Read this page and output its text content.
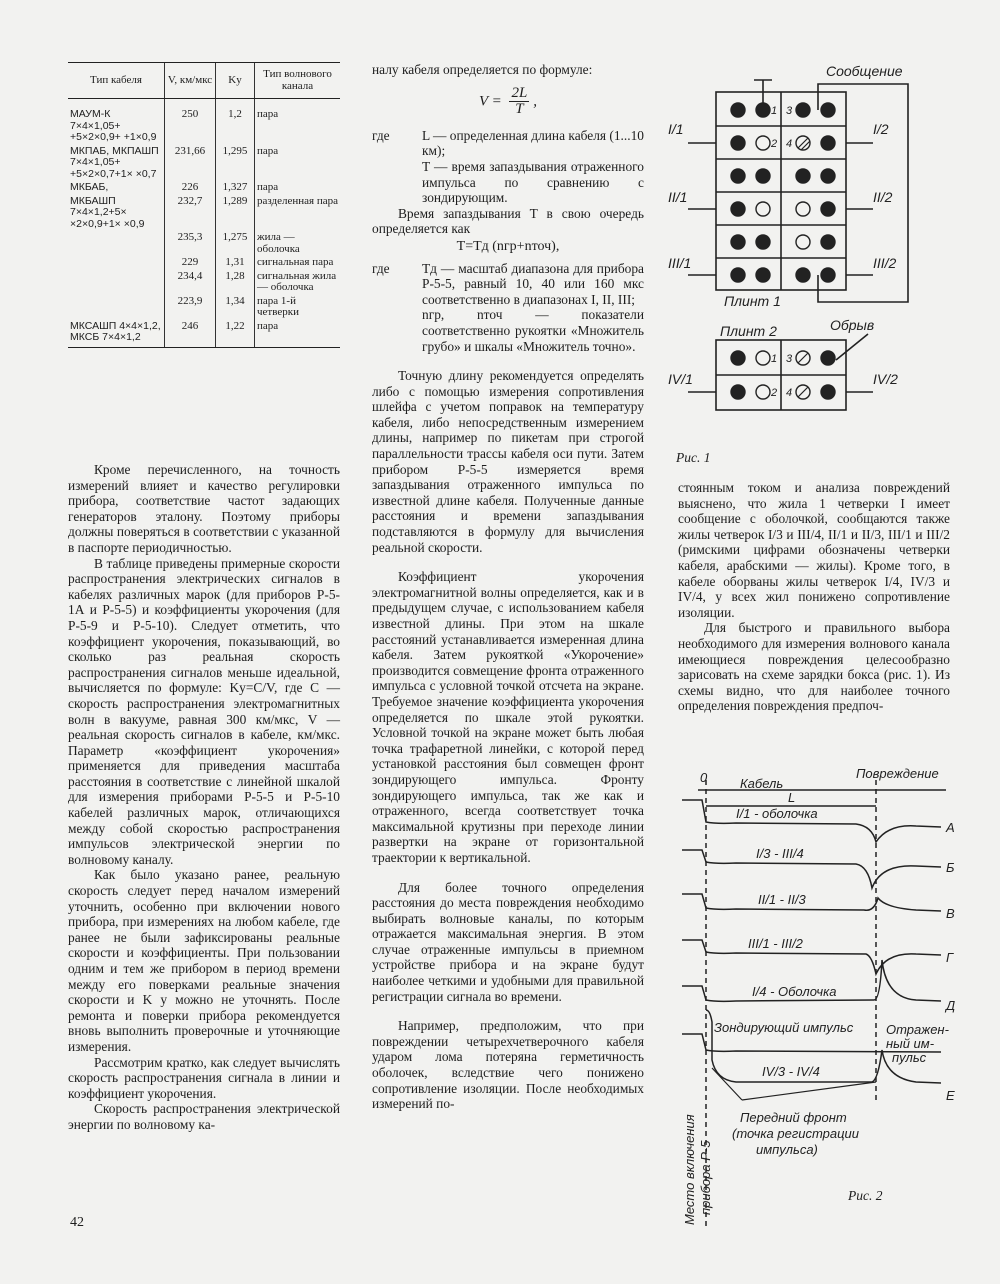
Тип кабеля	V, км/мкс	Kу	Тип волнового канала
МАУМ-К 7×4×1,05+ +5×2×0,9+ +1×0,9	250	1,2	пара
МКПАБ, МКПАШП 7×4×1,05+ +5×2×0,7+1× ×0,7	231,66	1,295	пара
МКБАБ,	226	1,327	пара
МКБАШП 7×4×1,2+5× ×2×0,9+1× ×0,9	232,7	1,289	разделенная пара
	235,3	1,275	жила — оболочка
	229	1,31	сигнальная пара
	234,4	1,28	сигнальная жила — оболочка
	223,9	1,34	пара 1-й четверки
МКСАШП 4×4×1,2, МКСБ 7×4×1,2	246	1,22	пара

Кроме перечисленного, на точность измерений влияет и качество регулировки прибора, соответствие частот задающих генераторов эталону. Поэтому приборы должны поверяться в соответствии с указанной в паспорте периодичностью.

В таблице приведены примерные скорости распространения электрических сигналов в кабелях различных марок (для приборов Р-5-1А и Р-5-5) и коэффициенты укорочения (для Р-5-9 и Р-5-10). Следует отметить, что коэффициент укорочения, показывающий, во сколько раз реальная скорость распространения сигналов меньше идеальной, вычисляется по формуле: Kу=C/V, где C — скорость распространения электромагнитных волн в вакууме, равная 300 км/мкс, V — реальная скорость сигналов в кабеле, км/мкс. Параметр «коэффициент укорочения» применяется для приведения масштаба расстояния в соответствие с линейной шкалой для измерения приборами Р-5-5 и Р-5-10 кабелей различных марок, отличающихся между собой скоростью распространения импульсов электрической энергии по волновому каналу.

Как было указано ранее, реальную скорость следует перед началом измерений уточнить, особенно при включении нового прибора, при измерениях на любом кабеле, где ранее не были зафиксированы реальные скорости и коэффициенты. При пользовании одним и тем же прибором в период времени между его поверками реальные значения скорости и K у можно не уточнять. После ремонта и поверки прибора рекомендуется вновь выполнить проверочные и уточняющие измерения.

Рассмотрим кратко, как следует вычислять скорость распространения сигнала в линии и коэффициент укорочения.

Скорость распространения электрической энергии по волновому ка-

42

налу кабеля определяется по формуле:

$V = \frac{2L}{T}$ ,

где L — определенная длина кабеля (1...10 км);

T — время запаздывания отраженного импульса по сравнению с зондирующим.

Время запаздывания T в свою очередь определяется как

T=Tд (nгр+nточ),

где Tд — масштаб диапазона для прибора Р-5-5, равный 10, 40 или 160 мкс соответственно в диапазонах I, II, III;

nгр, nточ — показатели соответственно рукоятки «Множитель грубо» и шкалы «Множитель точно».

Точную длину рекомендуется определять либо с помощью измерения сопротивления шлейфа с учетом поправок на температуру кабеля, либо непосредственным измерением длины, например по пикетам при строгой параллельности трассы кабеля оси пути. Затем прибором Р-5-5 измеряется время запаздывания отраженного импульса по известной длине кабеля. Полученные данные расстояния и времени запаздывания подставляются в формулу для вычисления реальной скорости.

Коэффициент укорочения электромагнитной волны определяется, как и в предыдущем случае, с использованием кабеля известной длины. При этом на шкале расстояний устанавливается измеренная длина кабеля. Затем рукояткой «Укорочение» производится совмещение фронта отраженного импульса с условной точкой отсчета на экране. Требуемое значение коэффициента укорочения определяется по шкале этой рукоятки. Условной точкой на экране может быть любая точка трафаретной линейки, с которой перед установкой расстояния был совмещен фронт зондирующего импульса. Фронту зондирующего импульса, так же как и отраженного, всегда соответствует точка максимальной крутизны при переходе линии развертки на экране от горизонтальной траектории к вертикальной.

Для более точного определения расстояния до места повреждения необходимо выбирать волновые каналы, по которым отражается максимальная энергия. В этом случае отраженные импульсы в приемном устройстве прибора и на экране будут наиболее четкими и удобными для правильной регистрации сигнала во времени.

Например, предположим, что при повреждении четырехчетверочного кабеля ударом лома потеряна герметичность оболочек, вследствие чего понижено сопротивление изоляции. После необходимых измерений по-

1 3
2 4
1 3
2 4
Сообщение
Обрыв
Плинт 1
Плинт 2
I/1
II/1
III/1
IV/1
I/2
II/2
III/2
IV/2
Рис. 1

стоянным током и анализа повреждений выяснено, что жила 1 четверки I имеет сообщение с оболочкой, сообщаются также жилы четверок I/3 и III/4, II/1 и II/3, III/1 и III/2 (римскими цифрами обозначены четверки кабеля, арабскими — жилы). Кроме того, в кабеле оборваны жилы четверок I/4, IV/3 и IV/4, у всех жил понижено сопротивление изоляции.

Для быстрого и правильного выбора необходимого для измерения волнового канала имеющиеся повреждения целесообразно зарисовать на схеме зарядки бокса (рис. 1). Из схемы видно, что для наиболее точного определения повреждения предпоч-

0	Кабель
Повреждение
L
I/1 - оболочка
I/3 - III/4
II/1 - II/3
III/1 - III/2
I/4 - Оболочка
IV/3 - IV/4
А
Б
В
Г
Д
Е
Зондирующий импульс	Отражен-
ный им-
пульс
Передний фронт
(точка регистрации
импульса)
Место включения прибора Р-5	Рис. 2
